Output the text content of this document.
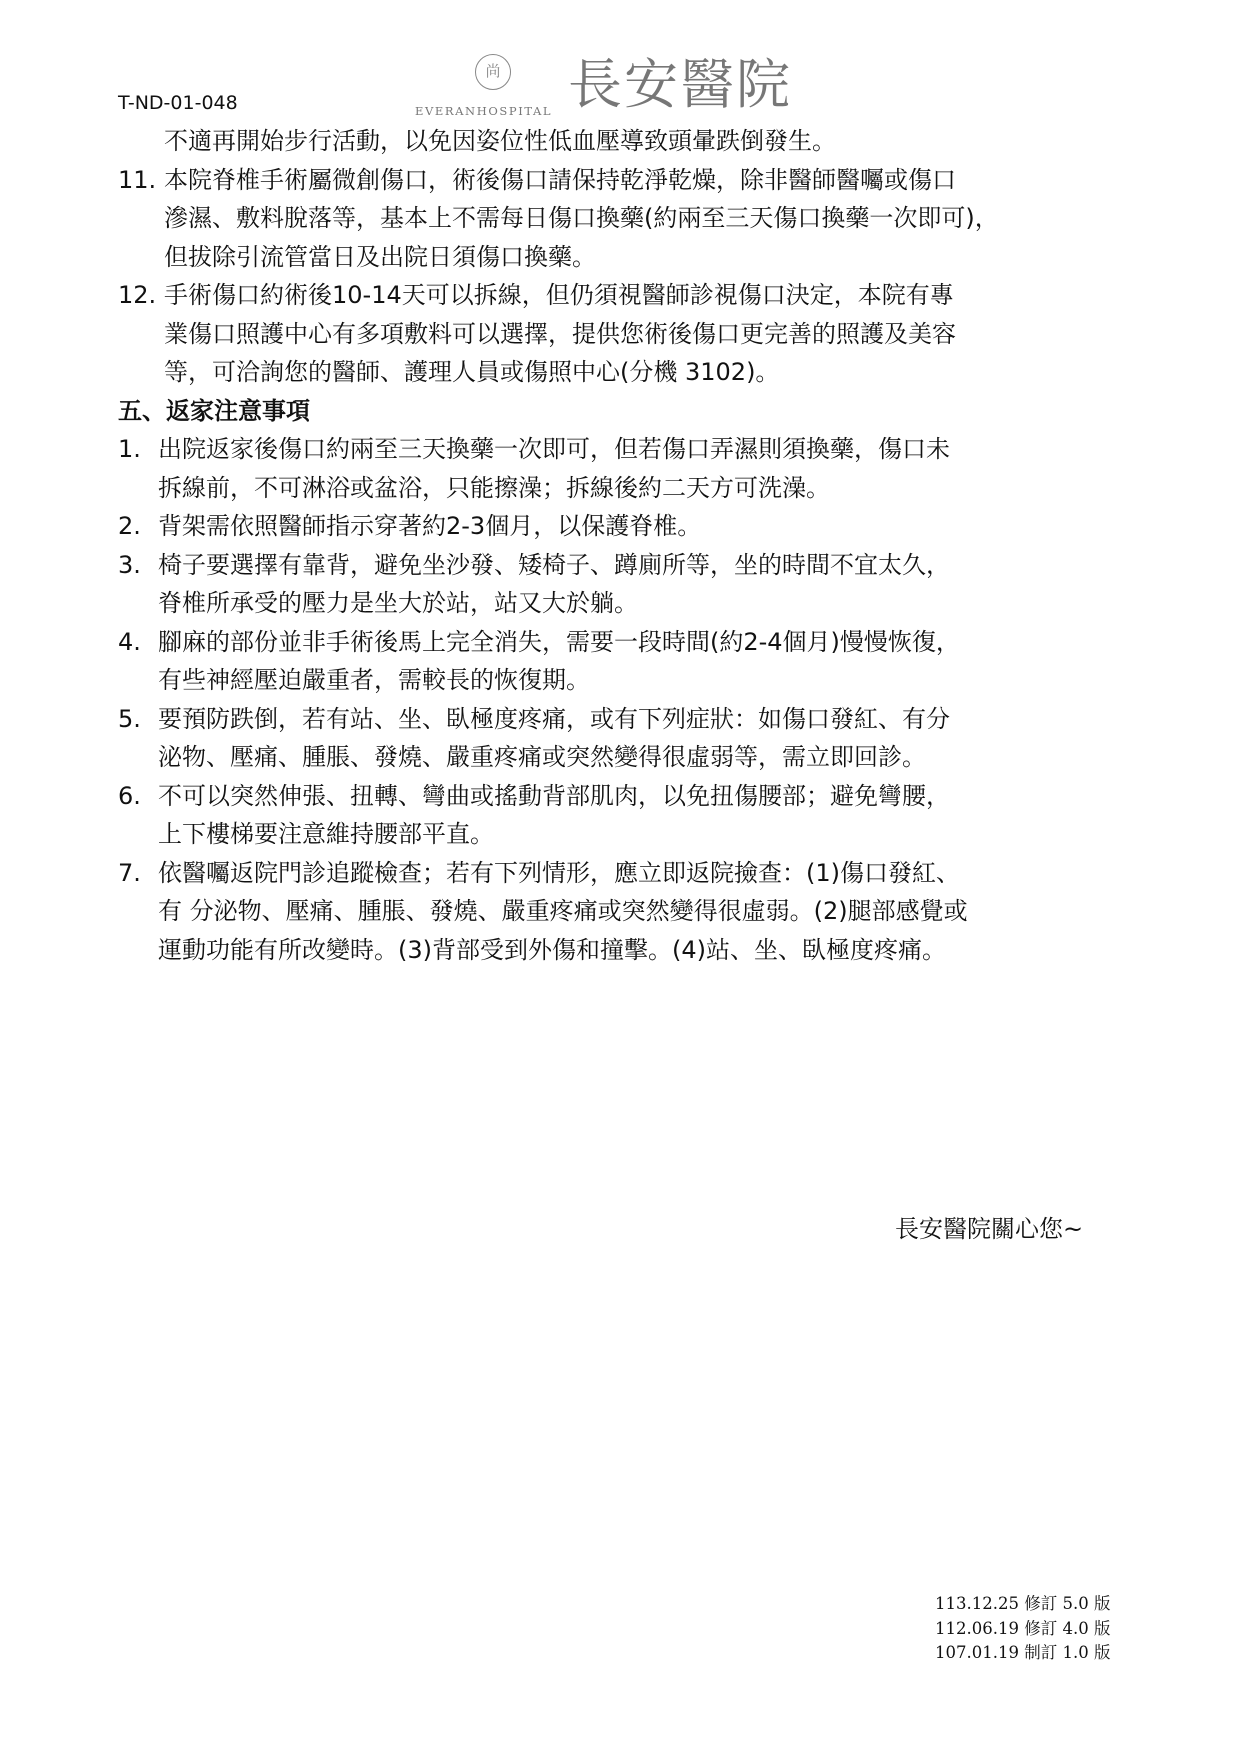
T-ND-01-048
尚
EVERANHOSPITAL 長安醫院
不適再開始步行活動，以免因姿位性低血壓導致頭暈跌倒發生。
11. 本院脊椎手術屬微創傷口，術後傷口請保持乾淨乾燥，除非醫師醫囑或傷口
滲濕、敷料脫落等，基本上不需每日傷口換藥(約兩至三天傷口換藥一次即可)，
但拔除引流管當日及出院日須傷口換藥。
12. 手術傷口約術後10-14天可以拆線，但仍須視醫師診視傷口決定，本院有專
業傷口照護中心有多項敷料可以選擇，提供您術後傷口更完善的照護及美容
等，可洽詢您的醫師、護理人員或傷照中心(分機 3102)。
五、返家注意事項
1. 出院返家後傷口約兩至三天換藥一次即可，但若傷口弄濕則須換藥，傷口未
拆線前，不可淋浴或盆浴，只能擦澡；拆線後約二天方可洗澡。
2. 背架需依照醫師指示穿著約2-3個月，以保護脊椎。
3. 椅子要選擇有靠背，避免坐沙發、矮椅子、蹲廁所等，坐的時間不宜太久，
脊椎所承受的壓力是坐大於站，站又大於躺。
4. 腳麻的部份並非手術後馬上完全消失，需要一段時間(約2-4個月)慢慢恢復，
有些神經壓迫嚴重者，需較長的恢復期。
5. 要預防跌倒，若有站、坐、臥極度疼痛，或有下列症狀：如傷口發紅、有分
泌物、壓痛、腫脹、發燒、嚴重疼痛或突然變得很虛弱等，需立即回診。
6. 不可以突然伸張、扭轉、彎曲或搖動背部肌肉，以免扭傷腰部；避免彎腰，
上下樓梯要注意維持腰部平直。
7. 依醫囑返院門診追蹤檢查；若有下列情形，應立即返院撿查：(1)傷口發紅、
有 分泌物、壓痛、腫脹、發燒、嚴重疼痛或突然變得很虛弱。(2)腿部感覺或
運動功能有所改變時。(3)背部受到外傷和撞擊。(4)站、坐、臥極度疼痛。
長安醫院關心您~
113.12.25 修訂 5.0 版
112.06.19 修訂 4.0 版
107.01.19 制訂 1.0 版
